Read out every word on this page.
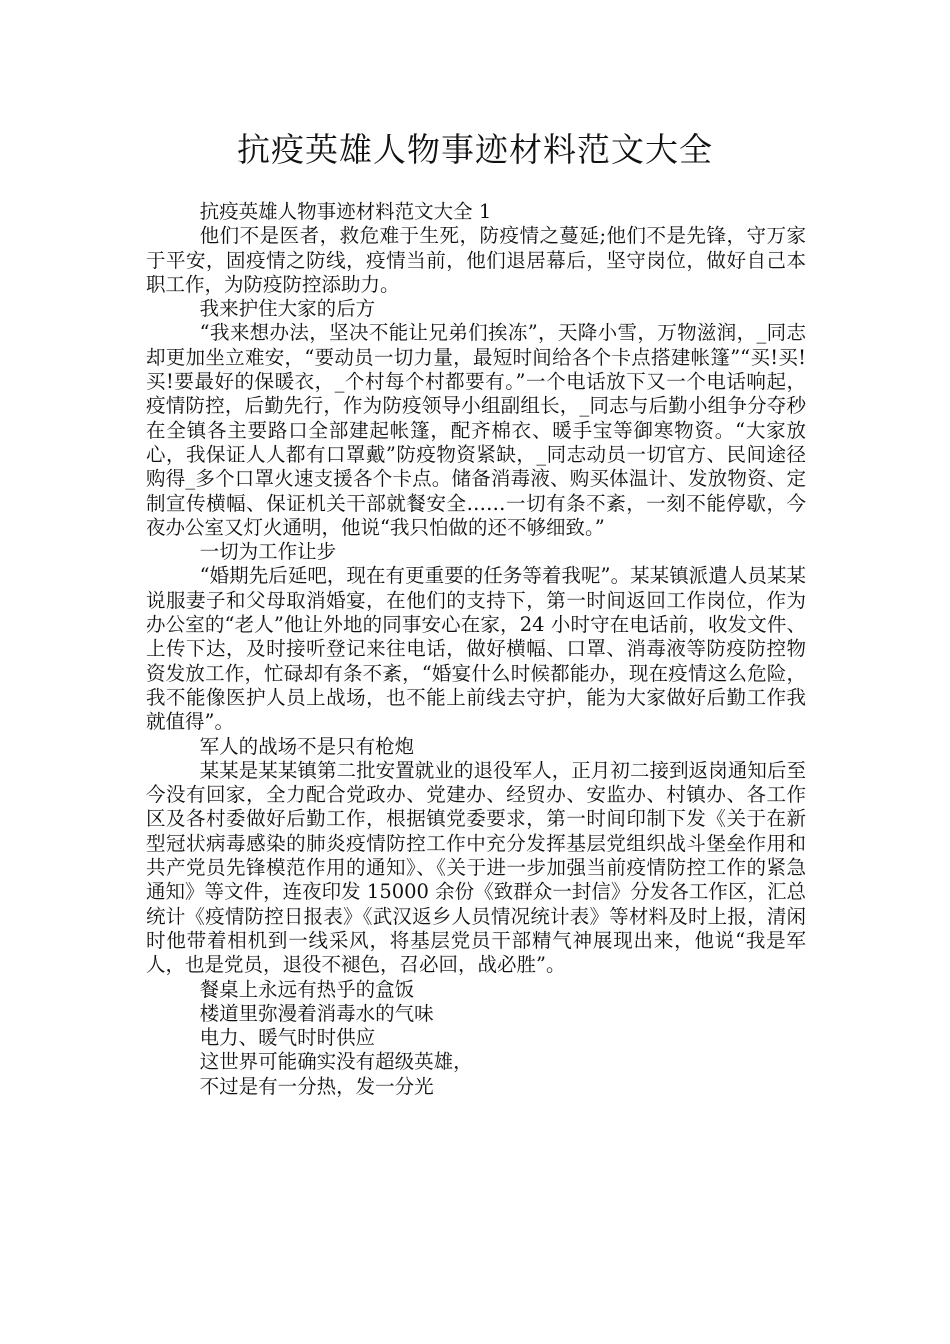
抗疫英雄人物事迹材料范文大全

抗疫英雄人物事迹材料范文大全 1

他们不是医者，救危难于生死，防疫情之蔓延;他们不是先锋，守万家于平安，固疫情之防线，疫情当前，他们退居幕后，坚守岗位，做好自己本职工作，为防疫防控添助力。

我来护住大家的后方

“我来想办法，坚决不能让兄弟们挨冻”，天降小雪，万物滋润，_同志却更加坐立难安，“要动员一切力量，最短时间给各个卡点搭建帐篷”“买!买!买!要最好的保暖衣，_个村每个村都要有。”一个电话放下又一个电话响起，疫情防控，后勤先行，作为防疫领导小组副组长，_同志与后勤小组争分夺秒在全镇各主要路口全部建起帐篷，配齐棉衣、暖手宝等御寒物资。“大家放心，我保证人人都有口罩戴”防疫物资紧缺，_同志动员一切官方、民间途径购得_多个口罩火速支援各个卡点。储备消毒液、购买体温计、发放物资、定制宣传横幅、保证机关干部就餐安全……一切有条不紊，一刻不能停歇，今夜办公室又灯火通明，他说“我只怕做的还不够细致。”

一切为工作让步

“婚期先后延吧，现在有更重要的任务等着我呢”。某某镇派遣人员某某说服妻子和父母取消婚宴，在他们的支持下，第一时间返回工作岗位，作为办公室的“老人”他让外地的同事安心在家，24 小时守在电话前，收发文件、上传下达，及时接听登记来往电话，做好横幅、口罩、消毒液等防疫防控物资发放工作，忙碌却有条不紊，“婚宴什么时候都能办，现在疫情这么危险，我不能像医护人员上战场，也不能上前线去守护，能为大家做好后勤工作我就值得”。

军人的战场不是只有枪炮

某某是某某镇第二批安置就业的退役军人，正月初二接到返岗通知后至今没有回家，全力配合党政办、党建办、经贸办、安监办、村镇办、各工作区及各村委做好后勤工作，根据镇党委要求，第一时间印制下发《关于在新型冠状病毒感染的肺炎疫情防控工作中充分发挥基层党组织战斗堡垒作用和共产党员先锋模范作用的通知》、《关于进一步加强当前疫情防控工作的紧急通知》等文件，连夜印发 15000 余份《致群众一封信》分发各工作区，汇总统计《疫情防控日报表》《武汉返乡人员情况统计表》等材料及时上报，清闲时他带着相机到一线采风，将基层党员干部精气神展现出来，他说“我是军人，也是党员，退役不褪色，召必回，战必胜”。

餐桌上永远有热乎的盒饭

楼道里弥漫着消毒水的气味

电力、暖气时时供应

这世界可能确实没有超级英雄，

不过是有一分热，发一分光
